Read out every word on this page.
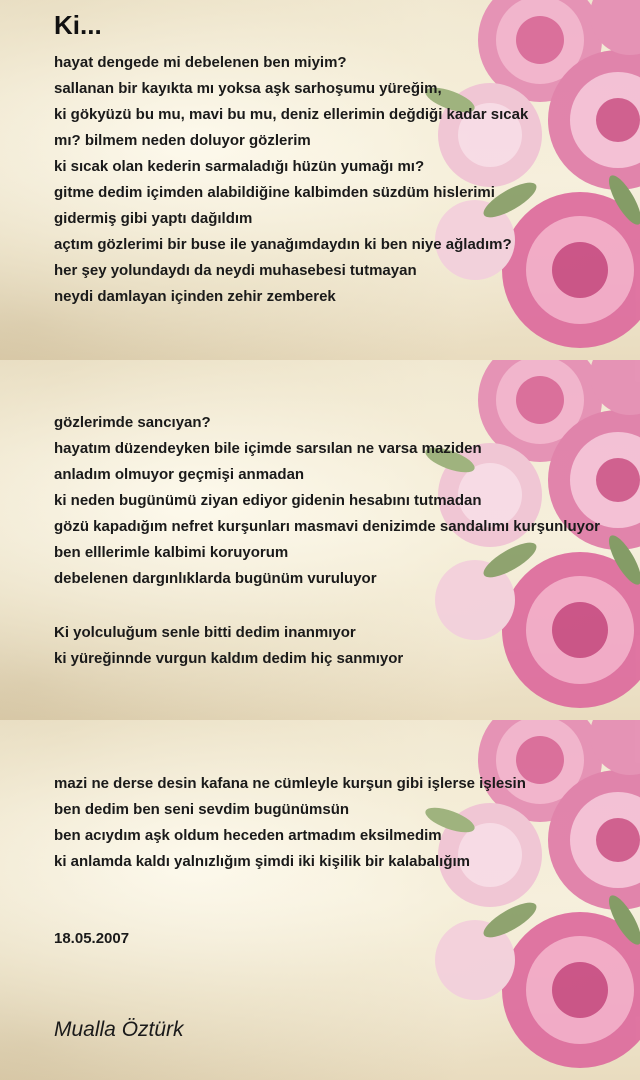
Ki...
hayat dengede mi debelenen ben miyim?
sallanan bir kayıkta mı yoksa aşk sarhoşumu yüreğim,
ki gökyüzü bu mu, mavi bu mu, deniz ellerimin değdiği kadar sıcak
mı? bilmem neden doluyor gözlerim
ki sıcak olan kederin sarmaladığı hüzün yumağı mı?
gitme dedim içimden alabildiğine kalbimden süzdüm hislerimi
gidermiş gibi yaptı dağıldım
açtım gözlerimi bir buse ile yanağımdaydın ki ben niye ağladım?
her şey yolundaydı da neydi muhasebesi tutmayan
neydi damlayan içinden zehir zemberek
gözlerimde sancıyan?
hayatım düzendeyken bile içimde sarsılan ne varsa maziden
anladım olmuyor geçmişi anmadan
ki neden bugünümü ziyan ediyor gidenin hesabını tutmadan
gözü kapadığım nefret kurşunları masmavi denizimde sandalımı kurşunluyor
ben elllerimle kalbimi koruyorum
debelenen dargınlıklarda bugünüm vuruluyor
Ki yolculuğum senle bitti dedim inanmıyor
ki yüreğinnde vurgun kaldım dedim hiç sanmıyor
mazi ne derse desin kafana ne cümleyle kurşun gibi işlerse işlesin
ben dedim ben seni sevdim bugünümsün
ben acıydım aşk oldum heceden artmadım eksilmedim
ki anlamda kaldı yalnızlığım şimdi iki kişilik bir kalabalığım

18.05.2007

Mualla Öztürk
